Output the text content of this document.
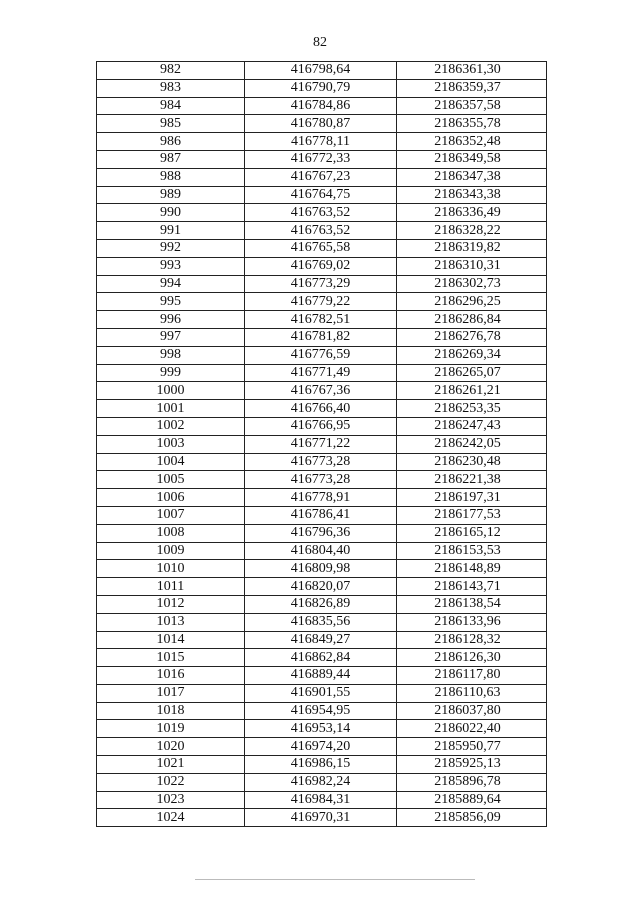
82
982	416798,64	2186361,30
983	416790,79	2186359,37
984	416784,86	2186357,58
985	416780,87	2186355,78
986	416778,11	2186352,48
987	416772,33	2186349,58
988	416767,23	2186347,38
989	416764,75	2186343,38
990	416763,52	2186336,49
991	416763,52	2186328,22
992	416765,58	2186319,82
993	416769,02	2186310,31
994	416773,29	2186302,73
995	416779,22	2186296,25
996	416782,51	2186286,84
997	416781,82	2186276,78
998	416776,59	2186269,34
999	416771,49	2186265,07
1000	416767,36	2186261,21
1001	416766,40	2186253,35
1002	416766,95	2186247,43
1003	416771,22	2186242,05
1004	416773,28	2186230,48
1005	416773,28	2186221,38
1006	416778,91	2186197,31
1007	416786,41	2186177,53
1008	416796,36	2186165,12
1009	416804,40	2186153,53
1010	416809,98	2186148,89
1011	416820,07	2186143,71
1012	416826,89	2186138,54
1013	416835,56	2186133,96
1014	416849,27	2186128,32
1015	416862,84	2186126,30
1016	416889,44	2186117,80
1017	416901,55	2186110,63
1018	416954,95	2186037,80
1019	416953,14	2186022,40
1020	416974,20	2185950,77
1021	416986,15	2185925,13
1022	416982,24	2185896,78
1023	416984,31	2185889,64
1024	416970,31	2185856,09
